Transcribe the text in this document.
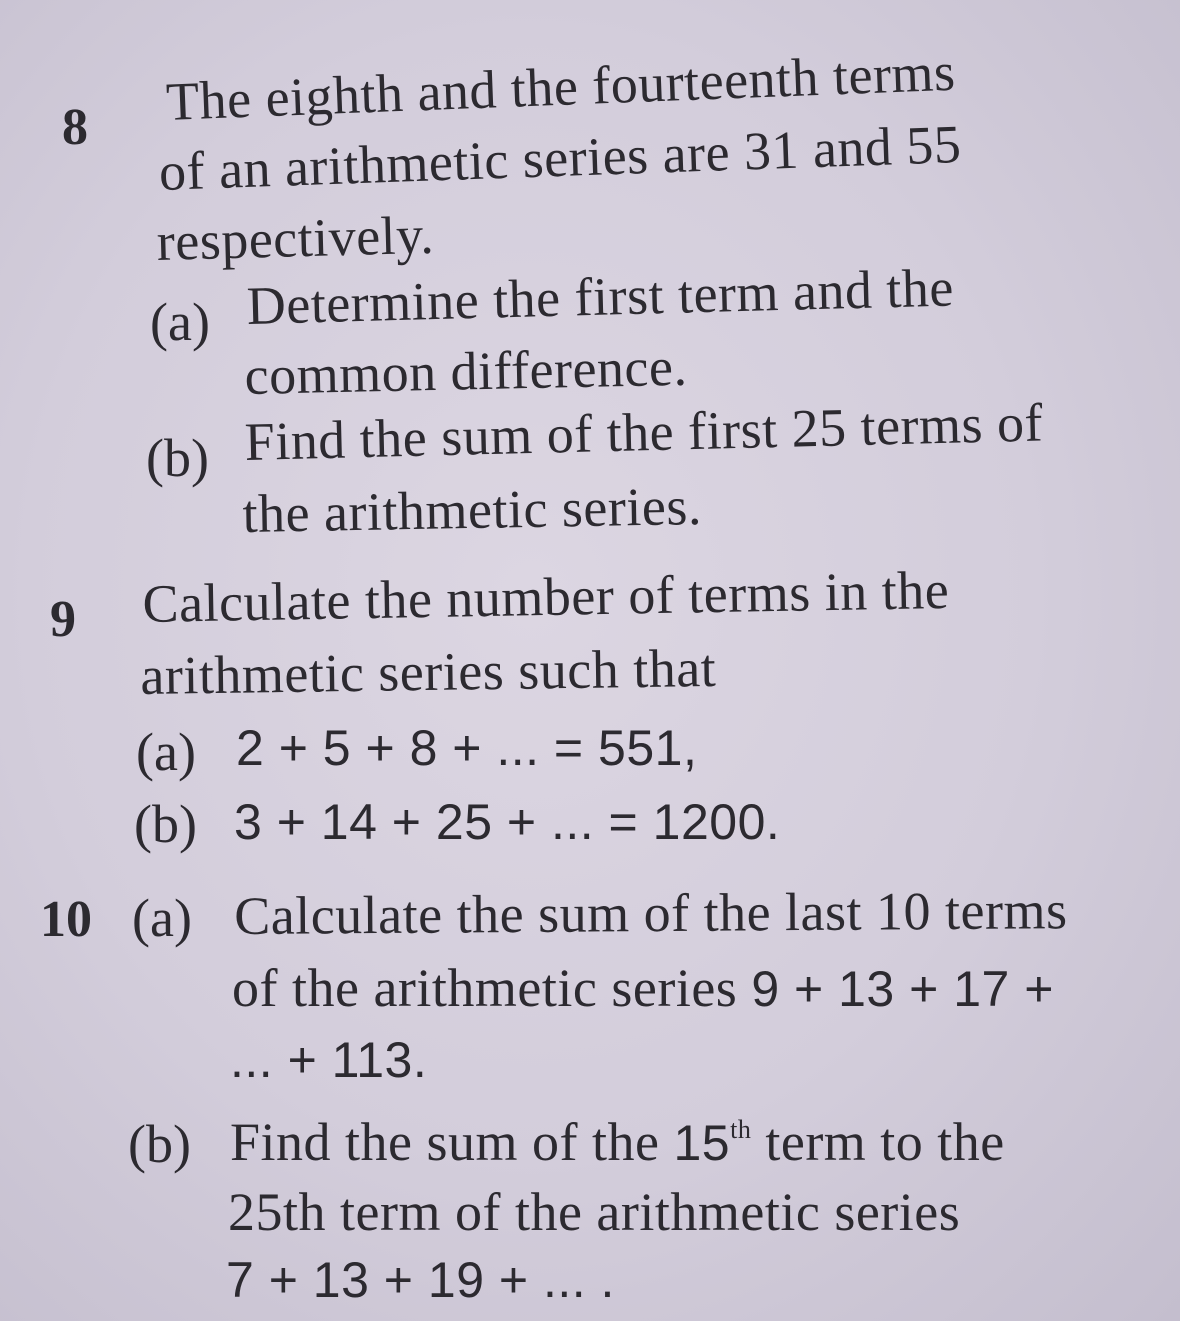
8 The eighth and the fourteenth terms
of an arithmetic series are 31 and 55
respectively.
(a) Determine the first term and the
common difference.
(b) Find the sum of the first 25 terms of
the arithmetic series.
9 Calculate the number of terms in the
arithmetic series such that
(a) 2 + 5 + 8 + ... = 551,
(b) 3 + 14 + 25 + ... = 1200.
10 (a) Calculate the sum of the last 10 terms
of the arithmetic series 9 + 13 + 17 +
... + 113.
(b) Find the sum of the 15th term to the
25th term of the arithmetic series
7 + 13 + 19 + ... .
